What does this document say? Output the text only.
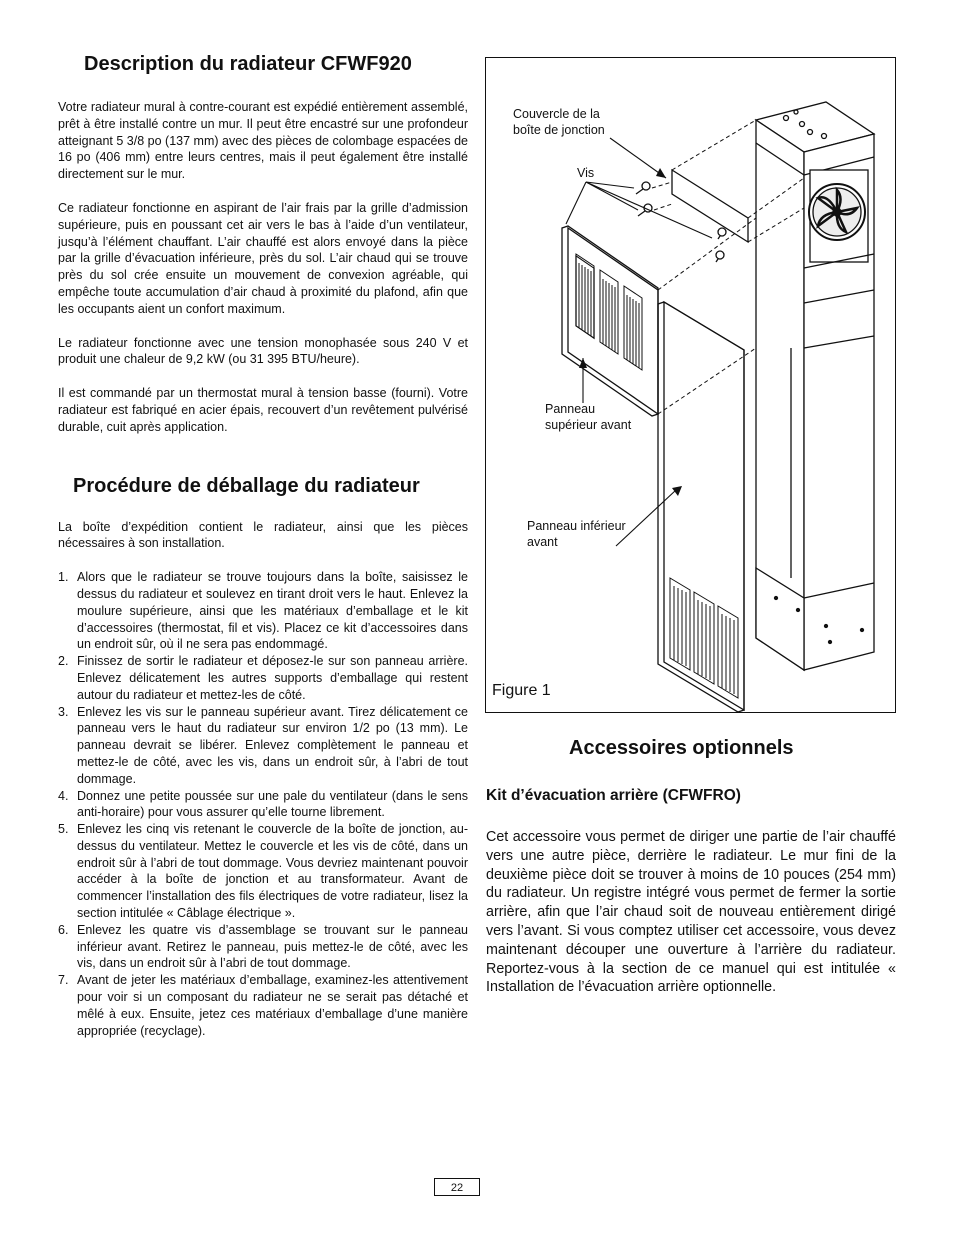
Description du radiateur CFWF920

Votre radiateur mural à contre-courant est expédié entièrement assemblé, prêt à être installé contre un mur. Il peut être encastré sur une profondeur atteignant 5 3/8 po (137 mm) avec des pièces de colombage espacées de 16 po (406 mm) entre leurs centres, mais il peut également être installé directement sur le mur.

Ce radiateur fonctionne en aspirant de l’air frais par la grille d’admission supérieure, puis en poussant cet air vers le bas à l’aide d’un ventilateur, jusqu’à l’élément chauffant. L’air chauffé est alors envoyé dans la pièce par la grille d’évacuation inférieure, près du sol. L’air chaud qui se trouve près du sol crée ensuite un mouvement de convexion agréable, qui empêche toute accumulation d’air chaud à proximité du plafond, afin que les occupants aient un confort maximum.

Le radiateur fonctionne avec une tension monophasée sous 240 V et produit une chaleur de 9,2 kW (ou 31 395 BTU/heure).

Il est commandé par un thermostat mural à tension basse (fourni). Votre radiateur est fabriqué en acier épais, recouvert d’un revêtement pulvérisé durable, cuit après application.

Procédure de déballage du radiateur

La boîte d’expédition contient le radiateur, ainsi que les pièces nécessaires à son installation.

1. Alors que le radiateur se trouve toujours dans la boîte, saisissez le dessus du radiateur et soulevez en tirant droit vers le haut. Enlevez la moulure supérieure, ainsi que les matériaux d’emballage et le kit d’accessoires (thermostat, fil et vis). Placez ce kit d’accessoires dans un endroit sûr, où il ne sera pas endommagé.
2. Finissez de sortir le radiateur et déposez-le sur son panneau arrière. Enlevez délicatement les autres supports d’emballage qui restent autour du radiateur et mettez-les de côté.
3. Enlevez les vis sur le panneau supérieur avant. Tirez délicatement ce panneau vers le haut du radiateur sur environ 1/2 po (13 mm). Le panneau devrait se libérer. Enlevez complètement le panneau et mettez-le de côté, avec les vis, dans un endroit sûr, à l’abri de tout dommage.
4. Donnez une petite poussée sur une pale du ventilateur (dans le sens anti-horaire) pour vous assurer qu’elle tourne librement.
5. Enlevez les cinq vis retenant le couvercle de la boîte de jonction, au-dessus du ventilateur. Mettez le couvercle et les vis de côté, dans un endroit sûr à l’abri de tout dommage. Vous devriez maintenant pouvoir accéder à la boîte de jonction et au transformateur. Avant de commencer l’installation des fils électriques de votre radiateur, lisez la section intitulée « Câblage électrique ».
6. Enlevez les quatre vis d’assemblage se trouvant sur le panneau inférieur avant. Retirez le panneau, puis mettez-le de côté, avec les vis, dans un endroit sûr à l’abri de tout dommage.
7. Avant de jeter les matériaux d’emballage, examinez-les attentivement pour voir si un composant du radiateur ne se serait pas détaché et mêlé à eux. Ensuite, jetez ces matériaux d’emballage d’une manière appropriée (recyclage).
Couvercle de la boîte de jonction
Vis
Panneau supérieur avant
Panneau inférieur avant
Figure 1
Accessoires optionnels
Kit d’évacuation arrière (CFWFRO)

Cet accessoire vous permet de diriger une partie de l’air chauffé vers une autre pièce, derrière le radiateur. Le mur fini de la deuxième pièce doit se trouver à moins de 10 pouces (254 mm) du radiateur. Un registre intégré vous permet de fermer la sortie arrière, afin que l’air chaud soit de nouveau entièrement dirigé vers l’avant. Si vous comptez utiliser cet accessoire, vous devez maintenant découper une ouverture à l’arrière du radiateur. Reportez-vous à la section de ce manuel qui est intitulée « Installation de l’évacuation arrière optionnelle.

22
